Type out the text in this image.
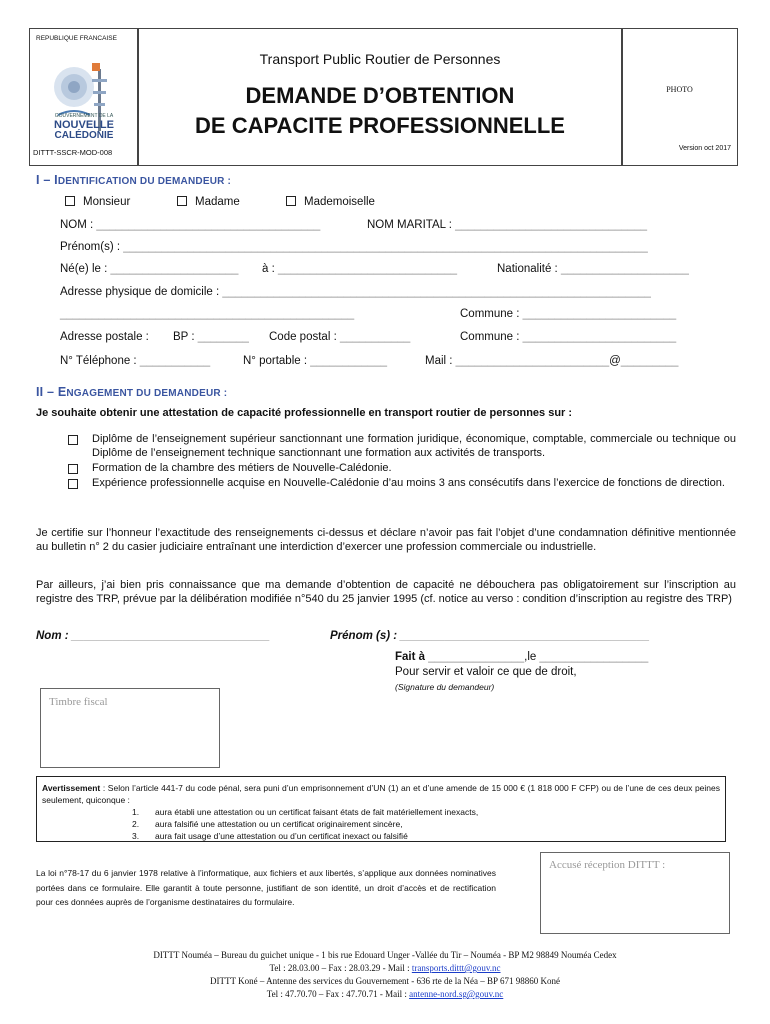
REPUBLIQUE FRANCAISE
GOUVERNEMENT DE LA
NOUVELLE
CALÉDONIE
DITTT-SSCR-MOD-008
Transport Public Routier de Personnes
DEMANDE D’OBTENTION
DE CAPACITE PROFESSIONNELLE
PHOTO
Version oct 2017
I – IDENTIFICATION DU DEMANDEUR :
Monsieur	Madame	Mademoiselle
NOM : ___________________________________	NOM MARITAL : ______________________________
Prénom(s) : __________________________________________________________________________________
Né(e) le : ____________________ à : ____________________________	Nationalité : ____________________
Adresse physique de domicile : ___________________________________________________________________
______________________________________________	Commune : ________________________
Adresse postale : BP : ________ Code postal : ___________	Commune : ________________________
N° Téléphone : ___________	N° portable : ____________	Mail : ________________________@_________
II – ENGAGEMENT DU DEMANDEUR :
Je souhaite obtenir une attestation de capacité professionnelle en transport routier de personnes sur :
Diplôme de l’enseignement supérieur sanctionnant une formation juridique, économique, comptable, commerciale ou technique ou Diplôme de l’enseignement technique sanctionnant une formation aux activités de transports.
Formation de la chambre des métiers de Nouvelle-Calédonie.
Expérience professionnelle acquise en Nouvelle-Calédonie d’au moins 3 ans consécutifs dans l’exercice de fonctions de direction.
Je certifie sur l’honneur l’exactitude des renseignements ci-dessus et déclare n’avoir pas fait l’objet d’une condamnation définitive mentionnée au bulletin n° 2 du casier judiciaire entraînant une interdiction d’exercer une profession commerciale ou industrielle.
Par ailleurs, j’ai bien pris connaissance que ma demande d’obtention de capacité ne débouchera pas obligatoirement sur l’inscription au registre des TRP, prévue par la délibération modifiée n°540 du 25 janvier 1995 (cf. notice au verso : condition d’inscription au registre des TRP)
Nom : _______________________________	Prénom (s) : _______________________________________
Fait à _______________,le _________________
Pour servir et valoir ce que de droit,
(Signature du demandeur)
Timbre fiscal
Avertissement : Selon l’article 441-7 du code pénal, sera puni d’un emprisonnement d’UN (1) an et d’une amende de 15 000 € (1 818 000 F CFP) ou de l’une de ces deux peines seulement, quiconque :
1.	aura établi une attestation ou un certificat faisant états de fait matériellement inexacts,
2.	aura falsifié une attestation ou un certificat originairement sincère,
3.	aura fait usage d’une attestation ou d’un certificat inexact ou falsifié
La loi n°78-17 du 6 janvier 1978 relative à l’informatique, aux fichiers et aux libertés, s’applique aux données nominatives portées dans ce formulaire. Elle garantit à toute personne, justifiant de son identité, un droit d’accès et de rectification pour ces données auprès de l’organisme destinataires du formulaire.
Accusé réception DITTT :
DITTT Nouméa – Bureau du guichet unique - 1 bis rue Edouard Unger -Vallée du Tir – Nouméa - BP M2 98849 Nouméa Cedex
Tel : 28.03.00 – Fax : 28.03.29 - Mail : transports.dittt@gouv.nc
DITTT Koné – Antenne des services du Gouvernement - 636 rte de la Néa – BP 671 98860 Koné
Tel : 47.70.70 – Fax : 47.70.71 - Mail : antenne-nord.sg@gouv.nc
